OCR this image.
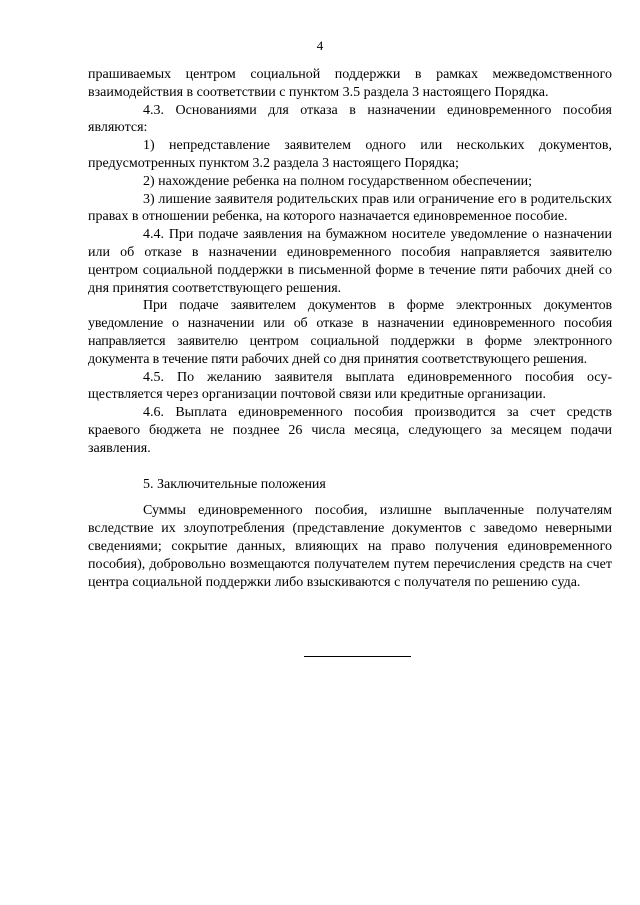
4

прашиваемых центром социальной поддержки в рамках межведомственного взаимодействия в соответствии с пунктом 3.5 раздела 3 настоящего Порядка.

4.3. Основаниями для отказа в назначении единовременного пособия являются:

1) непредставление заявителем одного или нескольких документов, предусмотренных пунктом 3.2 раздела 3 настоящего Порядка;

2) нахождение ребенка на полном государственном обеспечении;

3) лишение заявителя родительских прав или ограничение его в родительских правах в отношении ребенка, на которого назначается единовременное пособие.

4.4. При подаче заявления на бумажном носителе уведомление о назначении или об отказе в назначении единовременного пособия направляется заявителю центром социальной поддержки в письменной форме в течение пяти рабочих дней со дня принятия соответствующего решения.

При подаче заявителем документов в форме электронных документов уведомление о назначении или об отказе в назначении единовременного пособия направляется заявителю центром социальной поддержки в форме электронного документа в течение пяти рабочих дней со дня принятия соответствующего решения.

4.5. По желанию заявителя выплата единовременного пособия осуществляется через организации почтовой связи или кредитные организации.

4.6. Выплата единовременного пособия производится за счет средств краевого бюджета не позднее 26 числа месяца, следующего за месяцем подачи заявления.

5. Заключительные положения

Суммы единовременного пособия, излишне выплаченные получателям вследствие их злоупотребления (представление документов с заведомо неверными сведениями; сокрытие данных, влияющих на право получения единовременного пособия), добровольно возмещаются получателем путем перечисления средств на счет центра социальной поддержки либо взыскиваются с получателя по решению суда.
